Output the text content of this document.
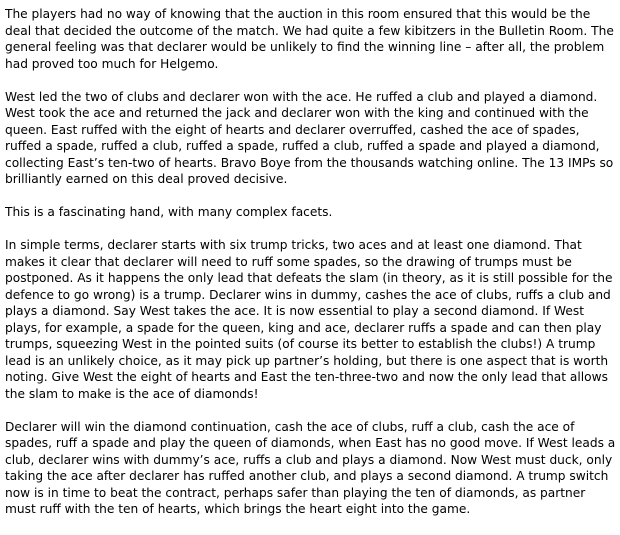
The players had no way of knowing that the auction in this room ensured that this would be the deal that decided the outcome of the match. We had quite a few kibitzers in the Bulletin Room. The general feeling was that declarer would be unlikely to find the winning line – after all, the problem had proved too much for Helgemo.

West led the two of clubs and declarer won with the ace. He ruffed a club and played a diamond. West took the ace and returned the jack and declarer won with the king and continued with the queen. East ruffed with the eight of hearts and declarer overruffed, cashed the ace of spades, ruffed a spade, ruffed a club, ruffed a spade, ruffed a club, ruffed a spade and played a diamond, collecting East’s ten-two of hearts. Bravo Boye from the thousands watching online. The 13 IMPs so brilliantly earned on this deal proved decisive.

This is a fascinating hand, with many complex facets.

In simple terms, declarer starts with six trump tricks, two aces and at least one diamond. That makes it clear that declarer will need to ruff some spades, so the drawing of trumps must be postponed. As it happens the only lead that defeats the slam (in theory, as it is still possible for the defence to go wrong) is a trump. Declarer wins in dummy, cashes the ace of clubs, ruffs a club and plays a diamond. Say West takes the ace. It is now essential to play a second diamond. If West plays, for example, a spade for the queen, king and ace, declarer ruffs a spade and can then play trumps, squeezing West in the pointed suits (of course its better to establish the clubs!) A trump lead is an unlikely choice, as it may pick up partner’s holding, but there is one aspect that is worth noting. Give West the eight of hearts and East the ten-three-two and now the only lead that allows the slam to make is the ace of diamonds!

Declarer will win the diamond continuation, cash the ace of clubs, ruff a club, cash the ace of spades, ruff a spade and play the queen of diamonds, when East has no good move. If West leads a club, declarer wins with dummy’s ace, ruffs a club and plays a diamond. Now West must duck, only taking the ace after declarer has ruffed another club, and plays a second diamond. A trump switch now is in time to beat the contract, perhaps safer than playing the ten of diamonds, as partner must ruff with the ten of hearts, which brings the heart eight into the game.
